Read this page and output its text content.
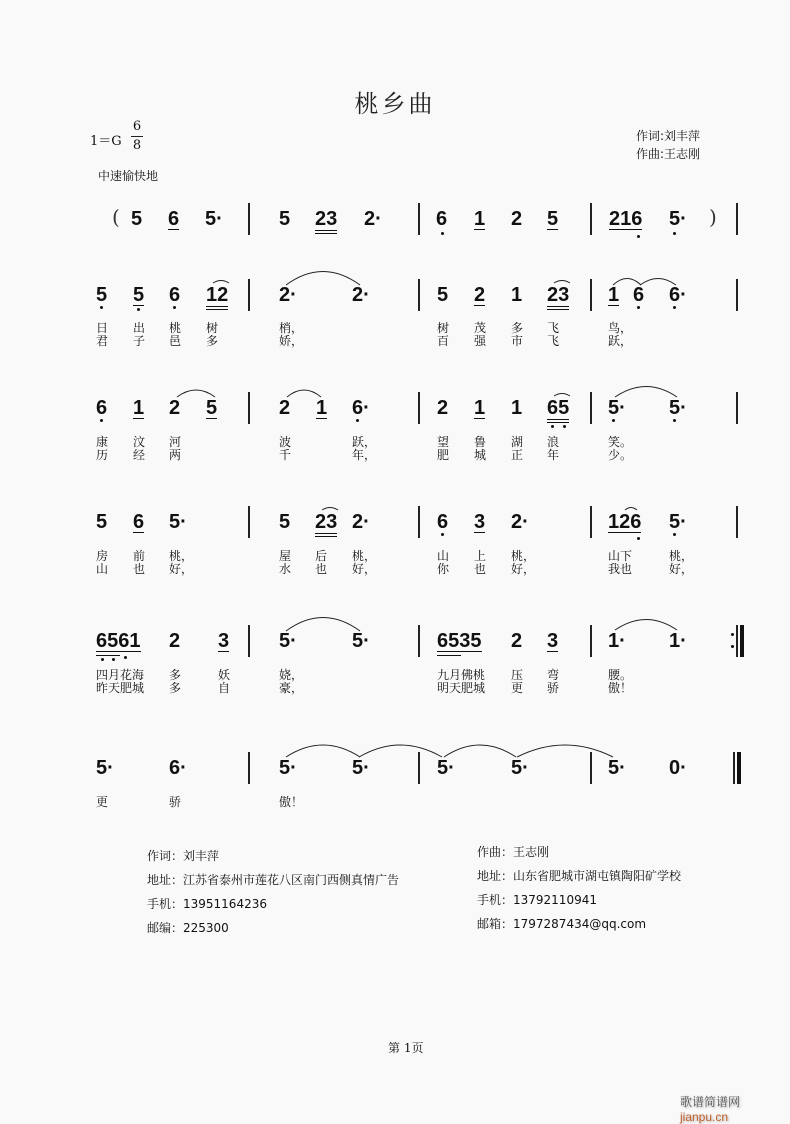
桃乡曲
1＝G
6
8
中速愉快地
作词:刘丰萍
作曲:王志刚
( 5 6 5·	5 23 2·	6 1 2 5	216 5· )
5 5 6 12	2·	2·	5 2 1 23 1 6 6·
日 出 桃 树	梢，	树 茂 多 飞	鸟，
君 子 邑 多	娇，	百 强 市 飞	跃，
6 1 2 5	2 1 6·	2 1 1 65 5· 5·
康 汶 河	波	跃，	望 鲁 湖 浪	笑。
历 经 两	千	年，	肥 城 正 年	少。
5 6 5·	5 23 2·	6 3 2·	126 5·
房 前 桃，	屋 后 桃，	山 上 桃，	山下	桃，
山 也 好，	水 也 好，	你 也 好，	我也	好，
6561 2 3 5·	5·	6535 2 3 1· 1·
四月花海 多	妖	娆，	九月佛桃 压 弯	腰。
昨天肥城 多	自	豪，	明天肥城 更 骄	傲！
5·	6·	5·	5·	5·	5·	5· 0·
更	骄	傲！
作词：刘丰萍
地址：江苏省泰州市莲花八区南门西侧真情广告
手机：13951164236
邮编：225300
作曲：王志刚
地址：山东省肥城市湖屯镇陶阳矿学校
手机：13792110941
邮箱：1797287434@qq.com
第 1页
歌谱简谱网 jianpu.cn
